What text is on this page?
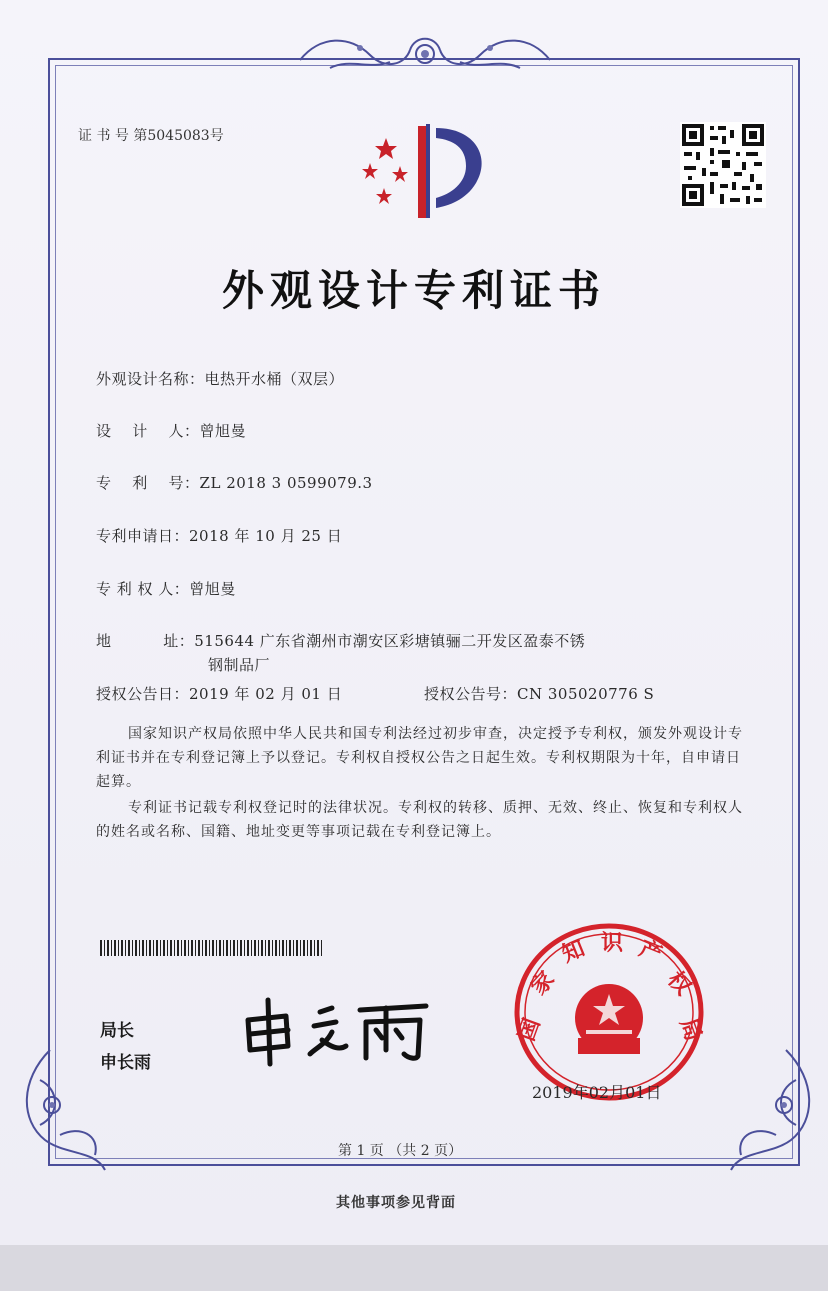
证 书 号 第5045083号
外观设计专利证书
外观设计名称：电热开水桶（双层）
设　 计　 人：曾旭曼
专　 利　 号：ZL 2018 3 0599079.3
专利申请日：2018 年 10 月 25 日
专 利 权 人：曾旭曼
地　　　 址：515644 广东省潮州市潮安区彩塘镇骊二开发区盈泰不锈
钢制品厂
授权公告日：2019 年 02 月 01 日	授权公告号：CN 305020776 S
国家知识产权局依照中华人民共和国专利法经过初步审查，决定授予专利权，颁发外观设计专利证书并在专利登记簿上予以登记。专利权自授权公告之日起生效。专利权期限为十年，自申请日起算。
专利证书记载专利权登记时的法律状况。专利权的转移、质押、无效、终止、恢复和专利权人的姓名或名称、国籍、地址变更等事项记载在专利登记簿上。
局长
申长雨
国
家
知 识 产
权
局
2019年02月01日
第 1 页 （共 2 页）
其他事项参见背面
